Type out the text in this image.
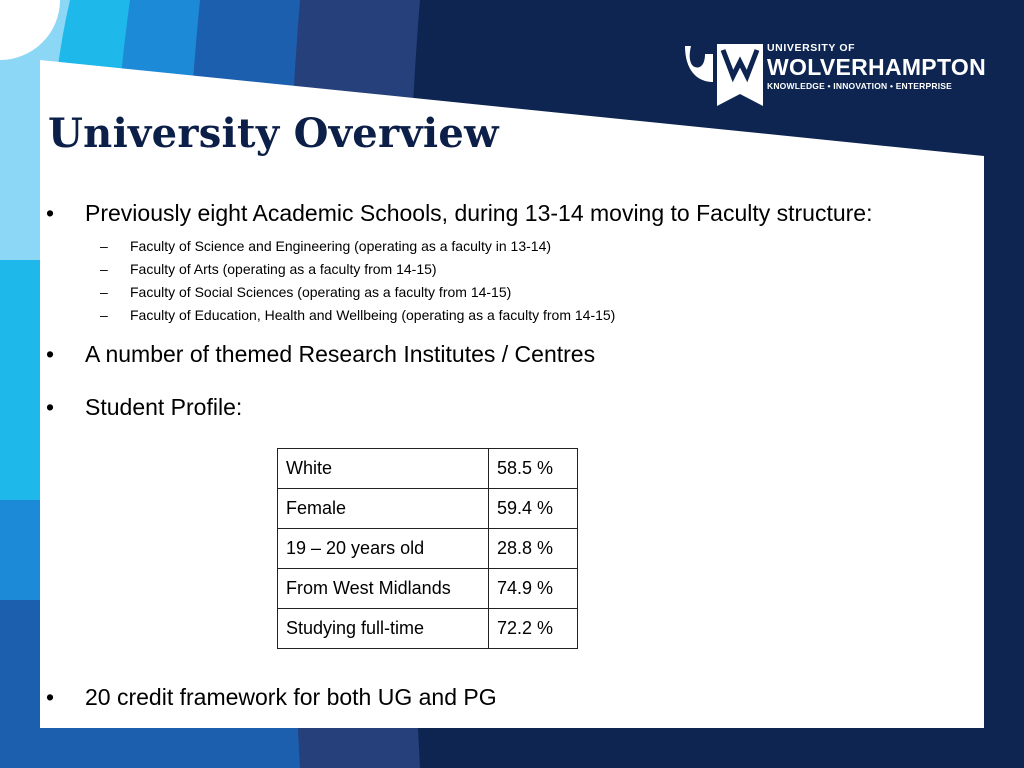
UNIVERSITY OF
WOLVERHAMPTON
KNOWLEDGE • INNOVATION • ENTERPRISE
University Overview
• Previously eight Academic Schools, during 13-14 moving to Faculty structure:
– Faculty of Science and Engineering (operating as a faculty in 13-14)
– Faculty of Arts (operating as a faculty from 14-15)
– Faculty of Social Sciences (operating as a faculty from 14-15)
– Faculty of Education, Health and Wellbeing (operating as a faculty from 14-15)
• A number of themed Research Institutes / Centres
• Student Profile:
White	58.5 %
Female	59.4 %
19 – 20 years old	28.8 %
From West Midlands	74.9 %
Studying full-time	72.2 %
• 20 credit framework for both UG and PG
